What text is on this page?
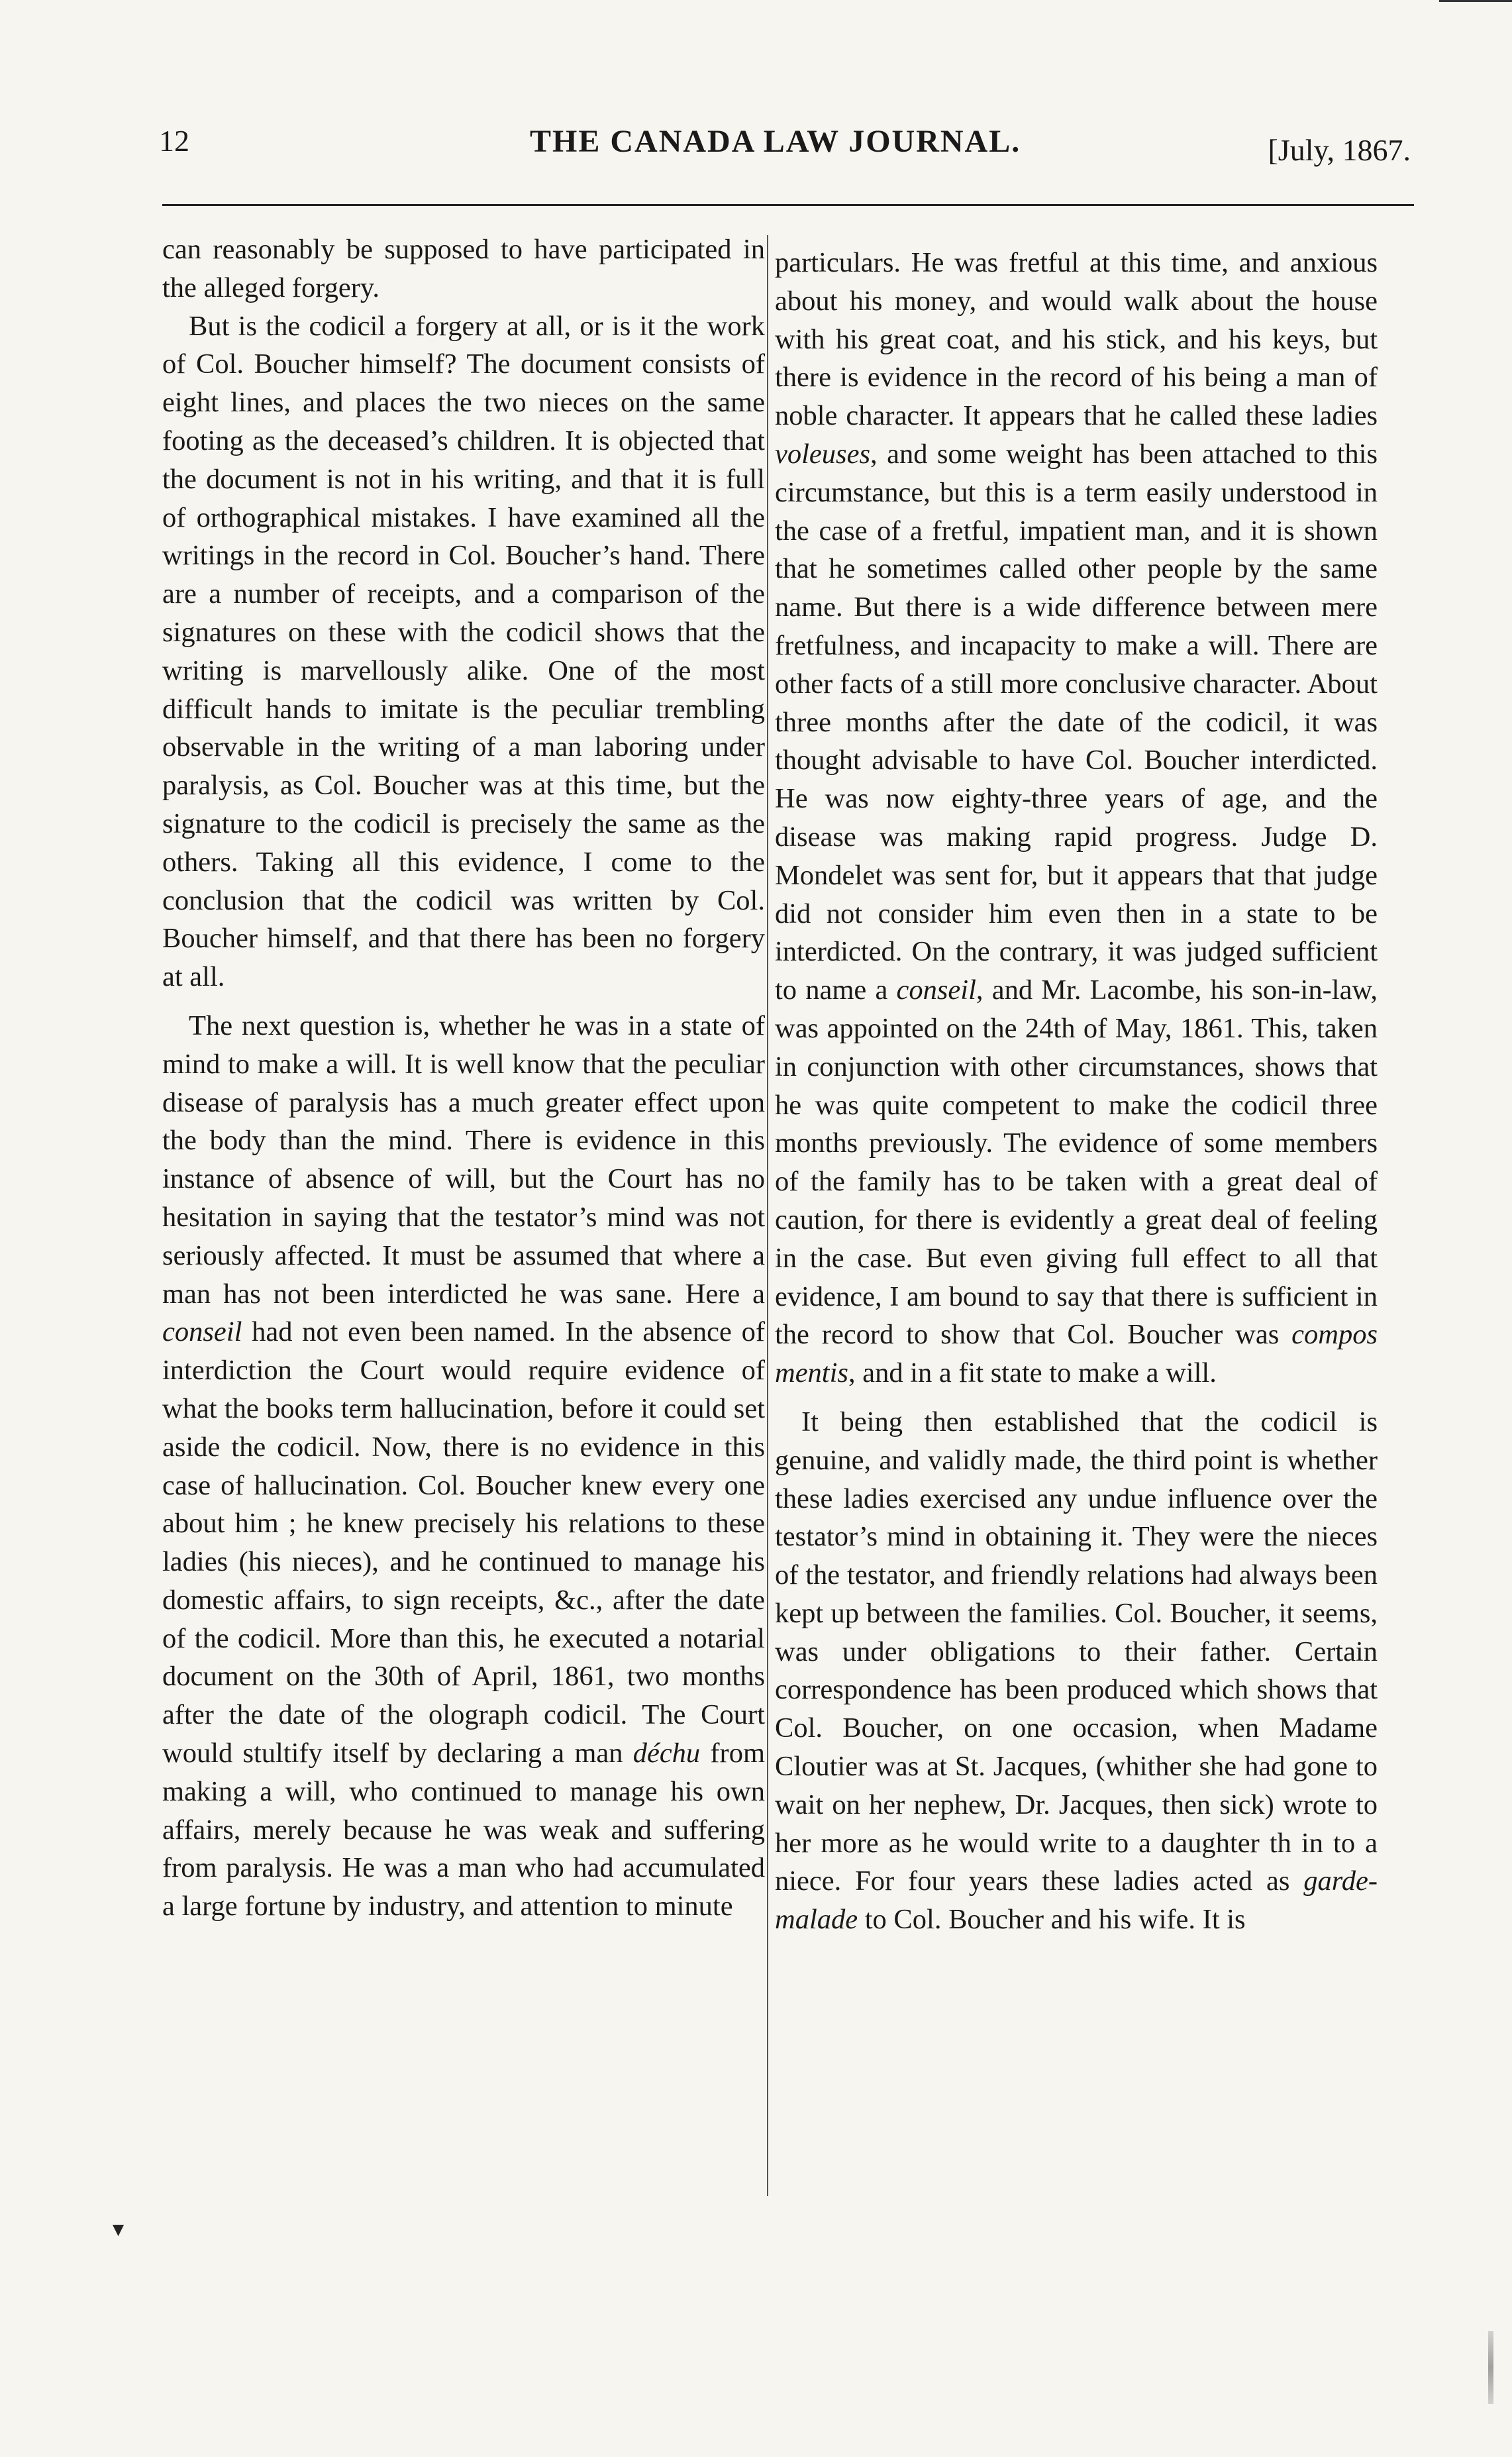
12	THE CANADA LAW JOURNAL.	[July, 1867.

can reasonably be supposed to have participated in the alleged forgery.

But is the codicil a forgery at all, or is it the work of Col. Boucher himself? The document consists of eight lines, and places the two nieces on the same footing as the deceased’s children. It is objected that the document is not in his writing, and that it is full of orthographical mistakes. I have examined all the writings in the record in Col. Boucher’s hand. There are a number of receipts, and a comparison of the signatures on these with the codicil shows that the writing is marvellously alike. One of the most difficult hands to imitate is the peculiar trembling observable in the writing of a man laboring under paralysis, as Col. Boucher was at this time, but the signature to the codicil is precisely the same as the others. Taking all this evidence, I come to the conclusion that the codicil was written by Col. Boucher himself, and that there has been no forgery at all.

The next question is, whether he was in a state of mind to make a will. It is well know that the peculiar disease of paralysis has a much greater effect upon the body than the mind. There is evidence in this instance of absence of will, but the Court has no hesitation in saying that the testator’s mind was not seriously affected. It must be assumed that where a man has not been interdicted he was sane. Here a conseil had not even been named. In the absence of interdiction the Court would require evidence of what the books term hallucination, before it could set aside the codicil. Now, there is no evidence in this case of hallucination. Col. Boucher knew every one about him ; he knew precisely his relations to these ladies (his nieces), and he continued to manage his domestic affairs, to sign receipts, &c., after the date of the codicil. More than this, he executed a notarial document on the 30th of April, 1861, two months after the date of the olograph codicil. The Court would stultify itself by declaring a man déchu from making a will, who continued to manage his own affairs, merely because he was weak and suffering from paralysis. He was a man who had accumulated a large fortune by industry, and attention to minute

particulars. He was fretful at this time, and anxious about his money, and would walk about the house with his great coat, and his stick, and his keys, but there is evidence in the record of his being a man of noble character. It appears that he called these ladies voleuses, and some weight has been attached to this circumstance, but this is a term easily understood in the case of a fretful, impatient man, and it is shown that he sometimes called other people by the same name. But there is a wide difference between mere fretfulness, and incapacity to make a will. There are other facts of a still more conclusive character. About three months after the date of the codicil, it was thought advisable to have Col. Boucher interdicted. He was now eighty-three years of age, and the disease was making rapid progress. Judge D. Mondelet was sent for, but it appears that that judge did not consider him even then in a state to be interdicted. On the contrary, it was judged sufficient to name a conseil, and Mr. Lacombe, his son-in-law, was appointed on the 24th of May, 1861. This, taken in conjunction with other circumstances, shows that he was quite competent to make the codicil three months previously. The evidence of some members of the family has to be taken with a great deal of caution, for there is evidently a great deal of feeling in the case. But even giving full effect to all that evidence, I am bound to say that there is sufficient in the record to show that Col. Boucher was compos mentis, and in a fit state to make a will.

It being then established that the codicil is genuine, and validly made, the third point is whether these ladies exercised any undue influence over the testator’s mind in obtaining it. They were the nieces of the testator, and friendly relations had always been kept up between the families. Col. Boucher, it seems, was under obligations to their father. Certain correspondence has been produced which shows that Col. Boucher, on one occasion, when Madame Cloutier was at St. Jacques, (whither she had gone to wait on her nephew, Dr. Jacques, then sick) wrote to her more as he would write to a daughter th in to a niece. For four years these ladies acted as garde-malade to Col. Boucher and his wife. It is

▾
